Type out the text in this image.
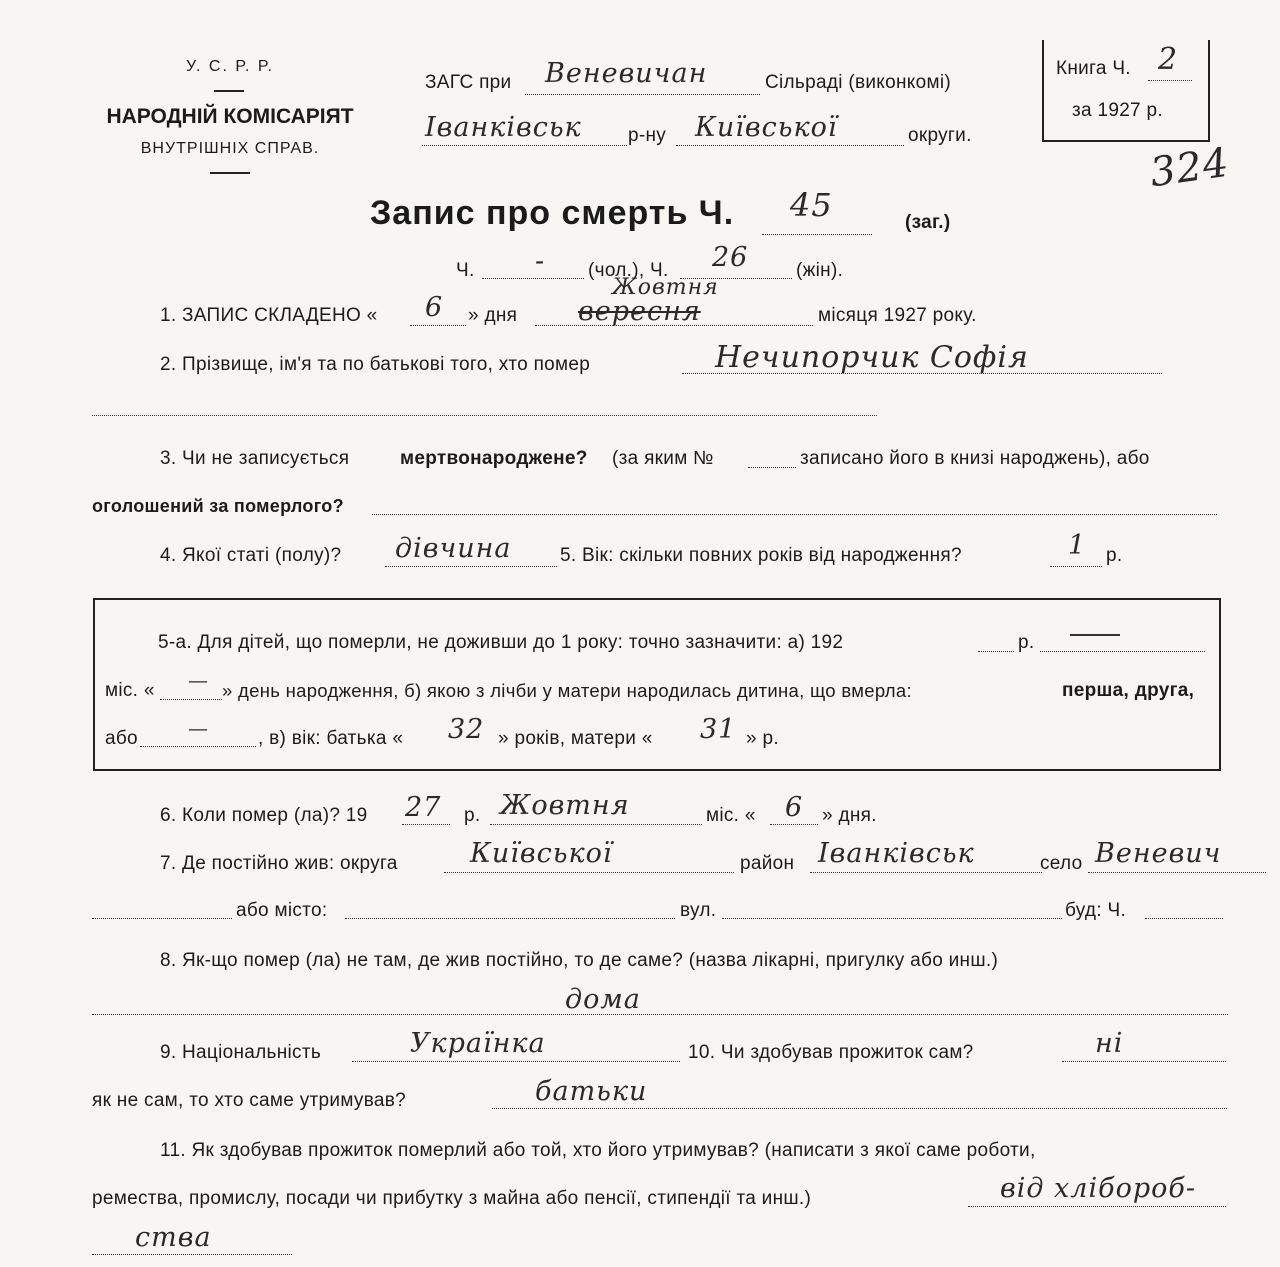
У. С. Р. Р.
НАРОДНІЙ КОМІСАРІЯТ
ВНУТРІШНІХ СПРАВ.
ЗАГС при Веневичан	Сільраді (виконкомі)
Іванківськ р-ну Київської	округи.
Книга Ч. 2
за 1927 р.
324
Запис про смерть Ч. 45	(заг.)
Ч. - (чол.), Ч. 26	(жін).
1. ЗАПИС СКЛАДЕНО « 6 » дня
Жовтня
вересня	місяця 1927 року.
2. Прізвище, ім'я та по батькові того, хто помер	Нечипорчик Софія
3. Чи не записується	мертвонароджене? (за яким №	записано його в книзі народжень), або
оголошений за померлого?
4. Якої статі (полу)? дівчина	5. Вік: скільки повних років від народження?	1 р.
5-а. Для дітей, що померли, не доживши до 1 року: точно зазначити: а) 192	р.
міс. « — » день народження, б) якою з лічби у матери народилась дитина, що вмерла:	перша, друга,
або	—	, в) вік: батька « 32 » років, матери « 31 » р.
6. Коли помер (ла)? 19 27 р. Жовтня	міс. « 6 » дня.
7. Де постійно жив: округа	Київської	район Іванківськ	село Веневич
або місто:	вул.	буд: Ч.
8. Як-що помер (ла) не там, де жив постійно, то де саме? (назва лікарні, пригулку або инш.)
дома
9. Національність	Українка	10. Чи здобував прожиток сам?	ні
як не сам, то хто саме утримував?	батьки
11. Як здобував прожиток померлий або той, хто його утримував? (написати з якої саме роботи,
ремества, промислу, посади чи прибутку з майна або пенсії, стипендії та инш.)	від хлібороб-
ства
